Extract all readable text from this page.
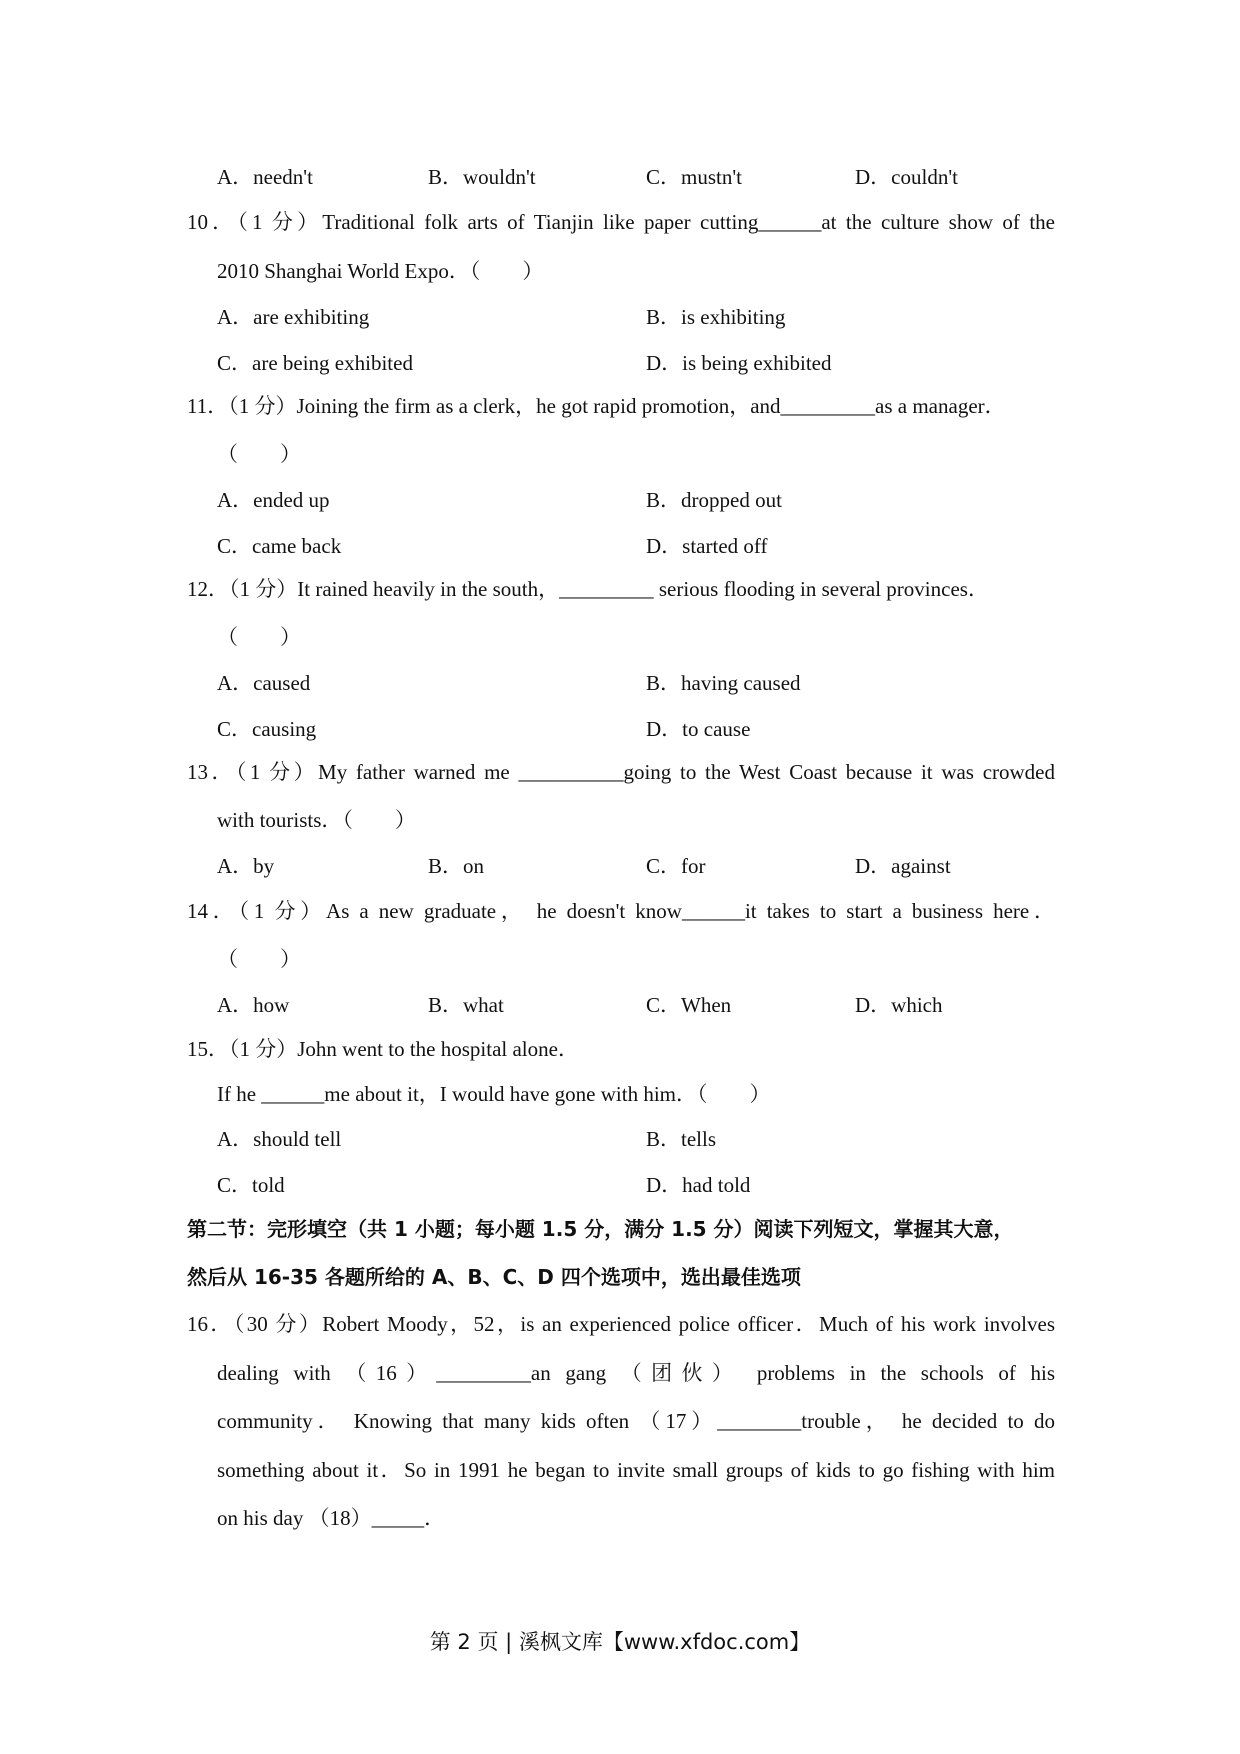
A．needn't	B．wouldn't	C．mustn't	D．couldn't
10．（1 分）Traditional folk arts of Tianjin like paper cutting______at the culture show of the
2010 Shanghai World Expo．（　　）
A．are exhibiting	B．is exhibiting
C．are being exhibited	D．is being exhibited
11．（1 分）Joining the firm as a clerk，he got rapid promotion，and_________as a manager．
（　　）
A．ended up	B．dropped out
C．came back	D．started off
12．（1 分）It rained heavily in the south，_________ serious flooding in several provinces．
（　　）
A．caused	B．having caused
C．causing	D．to cause
13．（1 分）My father warned me __________going to the West Coast because it was crowded
with tourists．（　　）
A．by	B．on	C．for	D．against
14．（1 分）As a new graduate， he doesn't know______it takes to start a business here．
（　　）
A．how	B．what	C．When	D．which
15．（1 分）John went to the hospital alone．
If he ______me about it，I would have gone with him．（　　）
A．should tell	B．tells
C．told	D．had told
第二节：完形填空（共 1 小题；每小题 1.5 分，满分 1.5 分）阅读下列短文，掌握其大意，
然后从 16-35 各题所给的 A、B、C、D 四个选项中，选出最佳选项
16．（30 分）Robert Moody，52，is an experienced police officer．Much of his work involves
dealing with （16）_________an gang （团伙） problems in the schools of his
community． Knowing that many kids often （17）________trouble， he decided to do
something about it．So in 1991 he began to invite small groups of kids to go fishing with him
on his day （18）_____．
第 2 页 | 溪枫文库【www.xfdoc.com】
